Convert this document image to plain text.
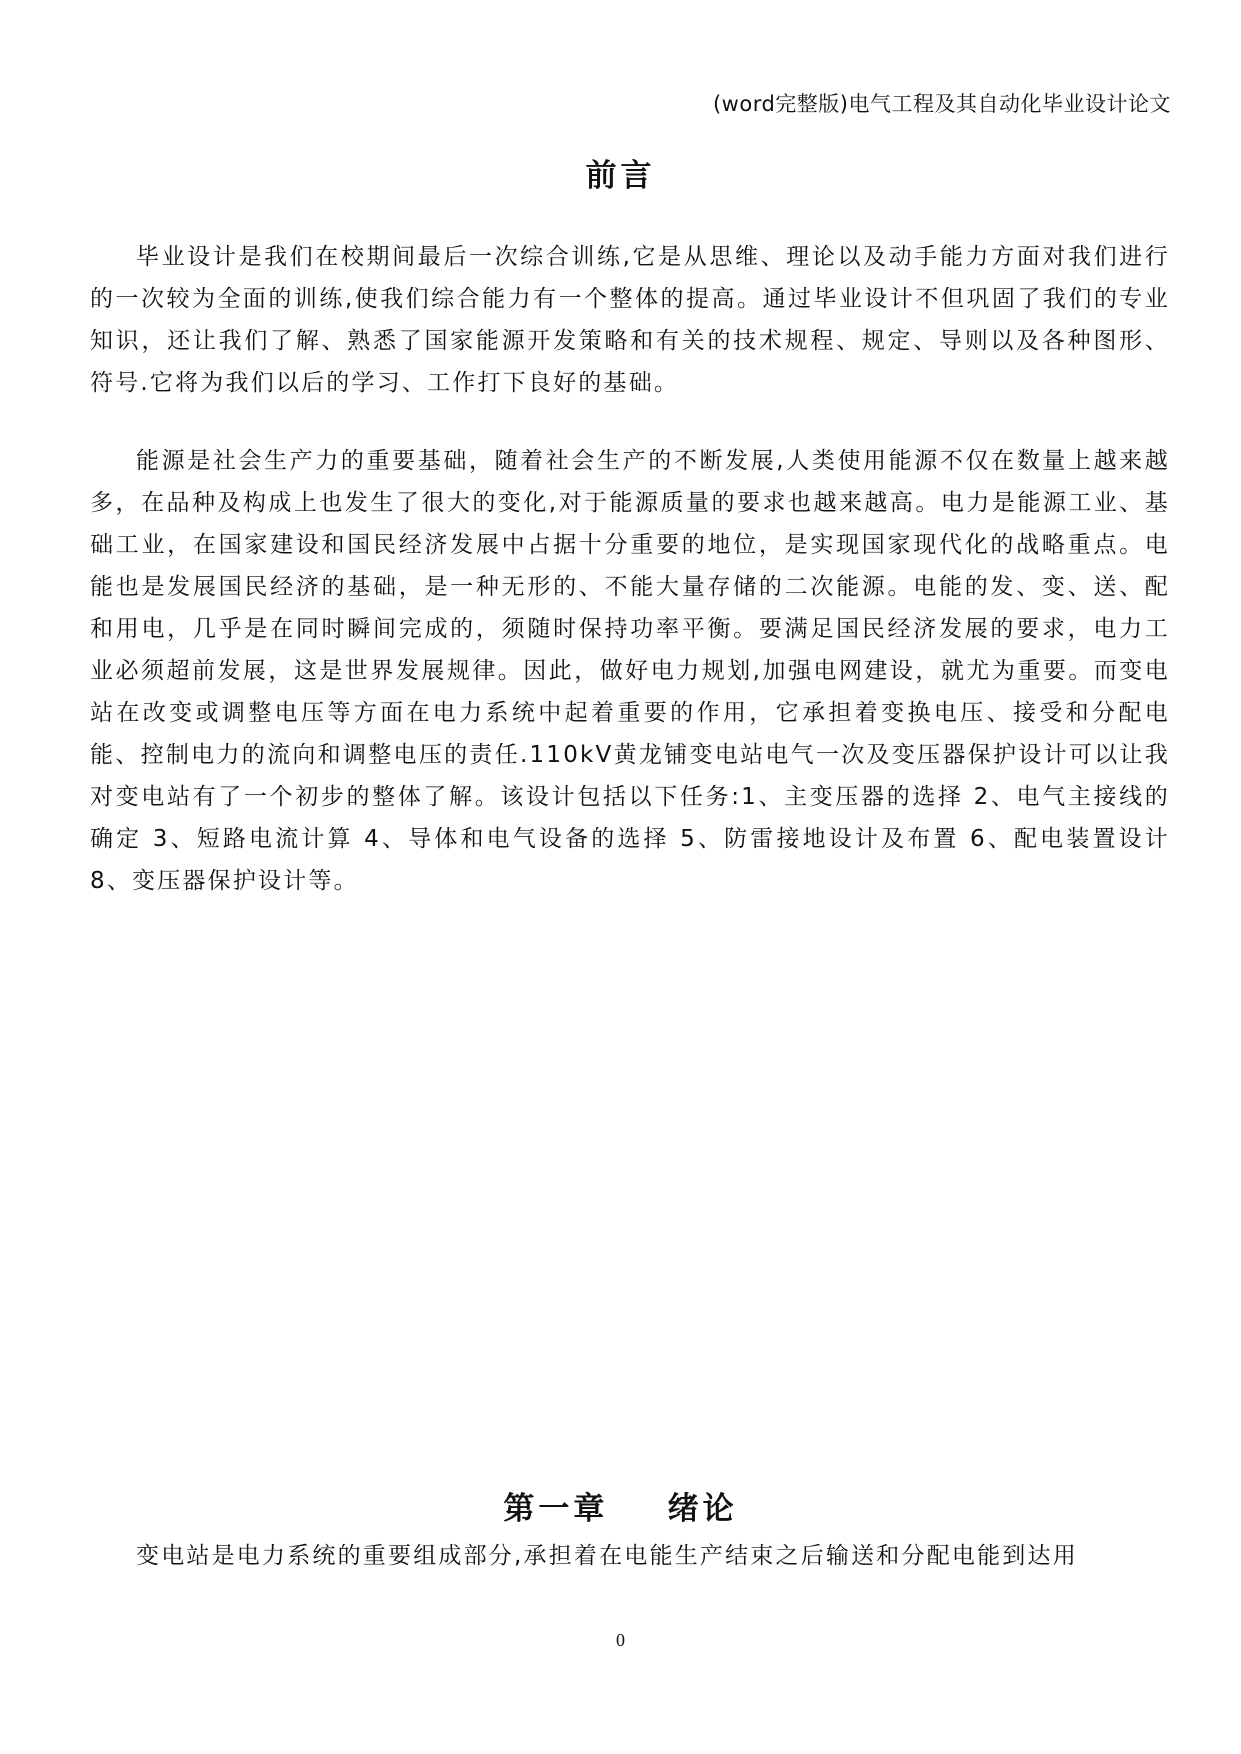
(word完整版)电气工程及其自动化毕业设计论文
前言

毕业设计是我们在校期间最后一次综合训练,它是从思维、理论以及动手能力方面对我们进行的一次较为全面的训练,使我们综合能力有一个整体的提高。通过毕业设计不但巩固了我们的专业知识，还让我们了解、熟悉了国家能源开发策略和有关的技术规程、规定、导则以及各种图形、符号.它将为我们以后的学习、工作打下良好的基础。

能源是社会生产力的重要基础，随着社会生产的不断发展,人类使用能源不仅在数量上越来越多，在品种及构成上也发生了很大的变化,对于能源质量的要求也越来越高。电力是能源工业、基础工业，在国家建设和国民经济发展中占据十分重要的地位，是实现国家现代化的战略重点。电能也是发展国民经济的基础，是一种无形的、不能大量存储的二次能源。电能的发、变、送、配和用电，几乎是在同时瞬间完成的，须随时保持功率平衡。要满足国民经济发展的要求，电力工业必须超前发展，这是世界发展规律。因此，做好电力规划,加强电网建设，就尤为重要。而变电站在改变或调整电压等方面在电力系统中起着重要的作用，它承担着变换电压、接受和分配电能、控制电力的流向和调整电压的责任.110kV黄龙铺变电站电气一次及变压器保护设计可以让我对变电站有了一个初步的整体了解。该设计包括以下任务:1、主变压器的选择 2、电气主接线的确定 3、短路电流计算 4、导体和电气设备的选择 5、防雷接地设计及布置 6、配电装置设计 8、变压器保护设计等。

第一章    绪论

变电站是电力系统的重要组成部分,承担着在电能生产结束之后输送和分配电能到达用

0
